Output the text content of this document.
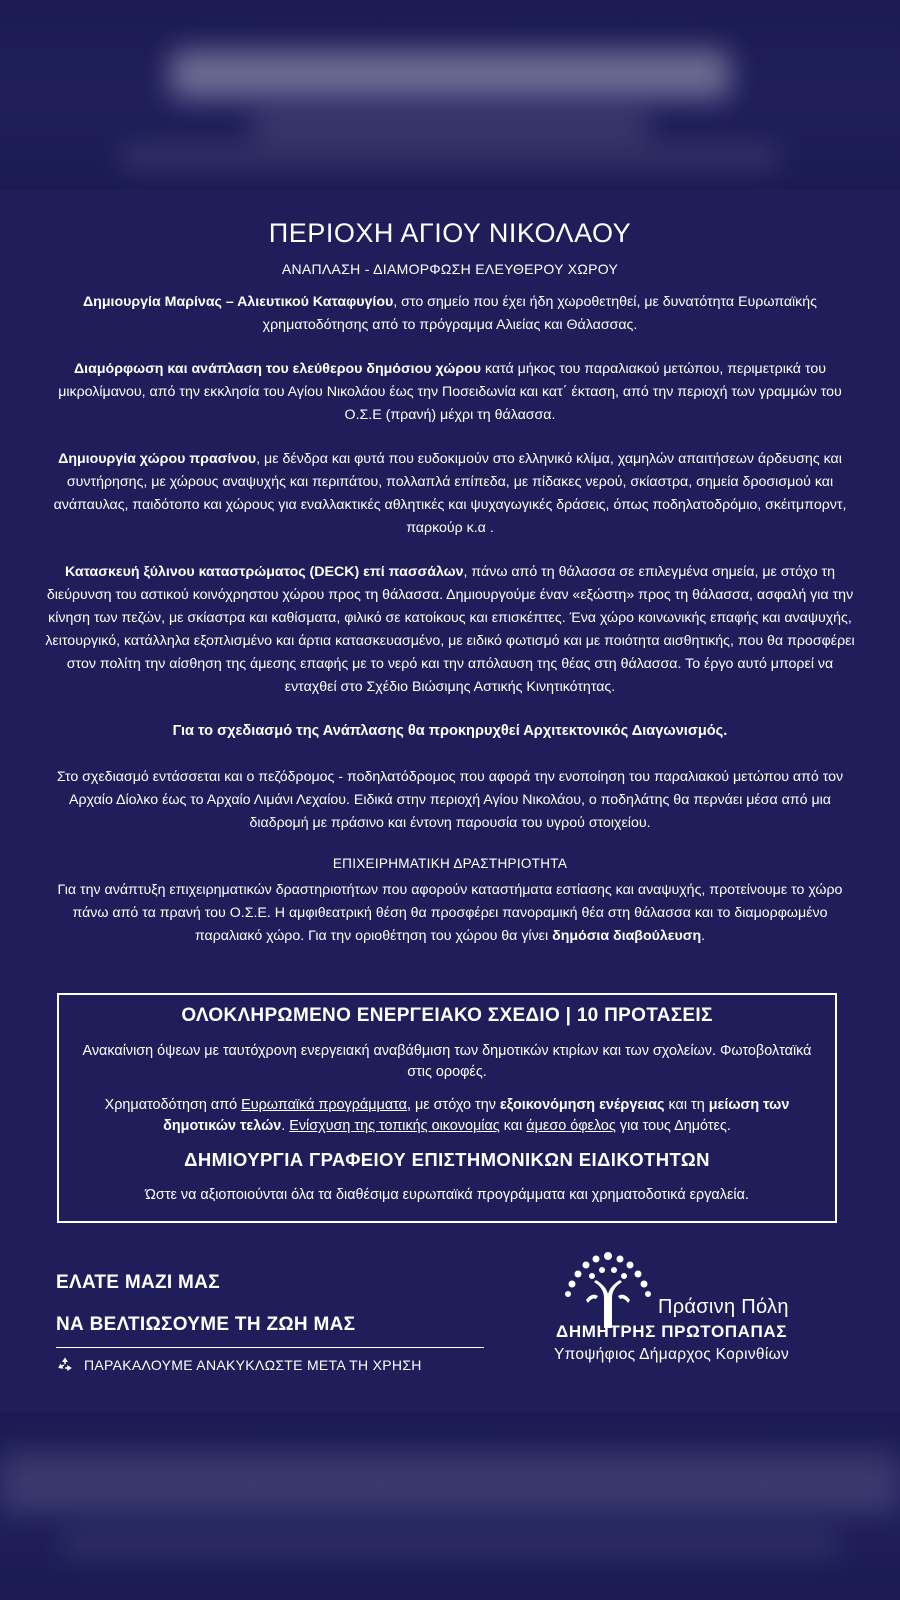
ΠΕΡΙΟΧΗ ΑΓΙΟΥ ΝΙΚΟΛΑΟΥ
ΑΝΑΠΛΑΣΗ - ΔΙΑΜΟΡΦΩΣΗ ΕΛΕΥΘΕΡΟΥ ΧΩΡΟΥ

Δημιουργία Μαρίνας – Αλιευτικού Καταφυγίου, στο σημείο που έχει ήδη χωροθετηθεί, με δυνατότητα Ευρωπαϊκής χρηματοδότησης από το πρόγραμμα Αλιείας και Θάλασσας.

Διαμόρφωση και ανάπλαση του ελεύθερου δημόσιου χώρου κατά μήκος του παραλιακού μετώπου, περιμετρικά του μικρολίμανου, από την εκκλησία του Αγίου Νικολάου έως την Ποσειδωνία και κατ΄ έκταση, από την περιοχή των γραμμών του Ο.Σ.Ε (πρανή) μέχρι τη θάλασσα.

Δημιουργία χώρου πρασίνου, με δένδρα και φυτά που ευδοκιμούν στο ελληνικό κλίμα, χαμηλών απαιτήσεων άρδευσης και συντήρησης, με χώρους αναψυχής και περιπάτου, πολλαπλά επίπεδα, με πίδακες νερού, σκίαστρα, σημεία δροσισμού και ανάπαυλας, παιδότοπο και χώρους για εναλλακτικές αθλητικές και ψυχαγωγικές δράσεις, όπως ποδηλατοδρόμιο, σκέιτμπορντ, παρκούρ κ.α .

Κατασκευή ξύλινου καταστρώματος (DECK) επί πασσάλων, πάνω από τη θάλασσα σε επιλεγμένα σημεία, με στόχο τη διεύρυνση του αστικού κοινόχρηστου χώρου προς τη θάλασσα. Δημιουργούμε έναν «εξώστη» προς τη θάλασσα, ασφαλή για την κίνηση των πεζών, με σκίαστρα και καθίσματα, φιλικό σε κατοίκους και επισκέπτες. Ένα χώρο κοινωνικής επαφής και αναψυχής, λειτουργικό, κατάλληλα εξοπλισμένο και άρτια κατασκευασμένο, με ειδικό φωτισμό και με ποιότητα αισθητικής, που θα προσφέρει στον πολίτη την αίσθηση της άμεσης επαφής με το νερό και την απόλαυση της θέας στη θάλασσα. Το έργο αυτό μπορεί να ενταχθεί στο Σχέδιο Βιώσιμης Αστικής Κινητικότητας.

Για το σχεδιασμό της Ανάπλασης θα προκηρυχθεί Αρχιτεκτονικός Διαγωνισμός.

Στο σχεδιασμό εντάσσεται και ο πεζόδρομος - ποδηλατόδρομος που αφορά την ενοποίηση του παραλιακού μετώπου από τον Αρχαίο Δίολκο έως το Αρχαίο Λιμάνι Λεχαίου. Ειδικά στην περιοχή Αγίου Νικολάου, ο ποδηλάτης θα περνάει μέσα από μια διαδρομή με πράσινο και έντονη παρουσία του υγρού στοιχείου.

ΕΠΙΧΕΙΡΗΜΑΤΙΚΗ ΔΡΑΣΤΗΡΙΟΤΗΤΑ

Για την ανάπτυξη επιχειρηματικών δραστηριοτήτων που αφορούν καταστήματα εστίασης και αναψυχής, προτείνουμε το χώρο πάνω από τα πρανή του Ο.Σ.Ε. Η αμφιθεατρική θέση θα προσφέρει πανοραμική θέα στη θάλασσα και το διαμορφωμένο παραλιακό χώρο. Για την οριοθέτηση του χώρου θα γίνει δημόσια διαβούλευση.

ΟΛΟΚΛΗΡΩΜΕΝΟ ΕΝΕΡΓΕΙΑΚΟ ΣΧΕΔΙΟ | 10 ΠΡΟΤΑΣΕΙΣ

Ανακαίνιση όψεων με ταυτόχρονη ενεργειακή αναβάθμιση των δημοτικών κτιρίων και των σχολείων. Φωτοβολταϊκά στις οροφές.

Χρηματοδότηση από Ευρωπαϊκά προγράμματα, με στόχο την εξοικονόμηση ενέργειας και τη μείωση των δημοτικών τελών. Ενίσχυση της τοπικής οικονομίας και άμεσο όφελος για τους Δημότες.

ΔΗΜΙΟΥΡΓΙΑ ΓΡΑΦΕΙΟΥ ΕΠΙΣΤΗΜΟΝΙΚΩΝ ΕΙΔΙΚΟΤΗΤΩΝ

Ώστε να αξιοποιούνται όλα τα διαθέσιμα ευρωπαϊκά προγράμματα και χρηματοδοτικά εργαλεία.

ΕΛΑΤΕ ΜΑΖΙ ΜΑΣ
ΝΑ ΒΕΛΤΙΩΣΟΥΜΕ ΤΗ ΖΩΗ ΜΑΣ
ΠΑΡΑΚΑΛΟΥΜΕ ΑΝΑΚΥΚΛΩΣΤΕ ΜΕΤΑ ΤΗ ΧΡΗΣΗ
Πράσινη Πόλη
ΔΗΜΗΤΡΗΣ ΠΡΩΤΟΠΑΠΑΣ
Υποψήφιος Δήμαρχος Κορινθίων
